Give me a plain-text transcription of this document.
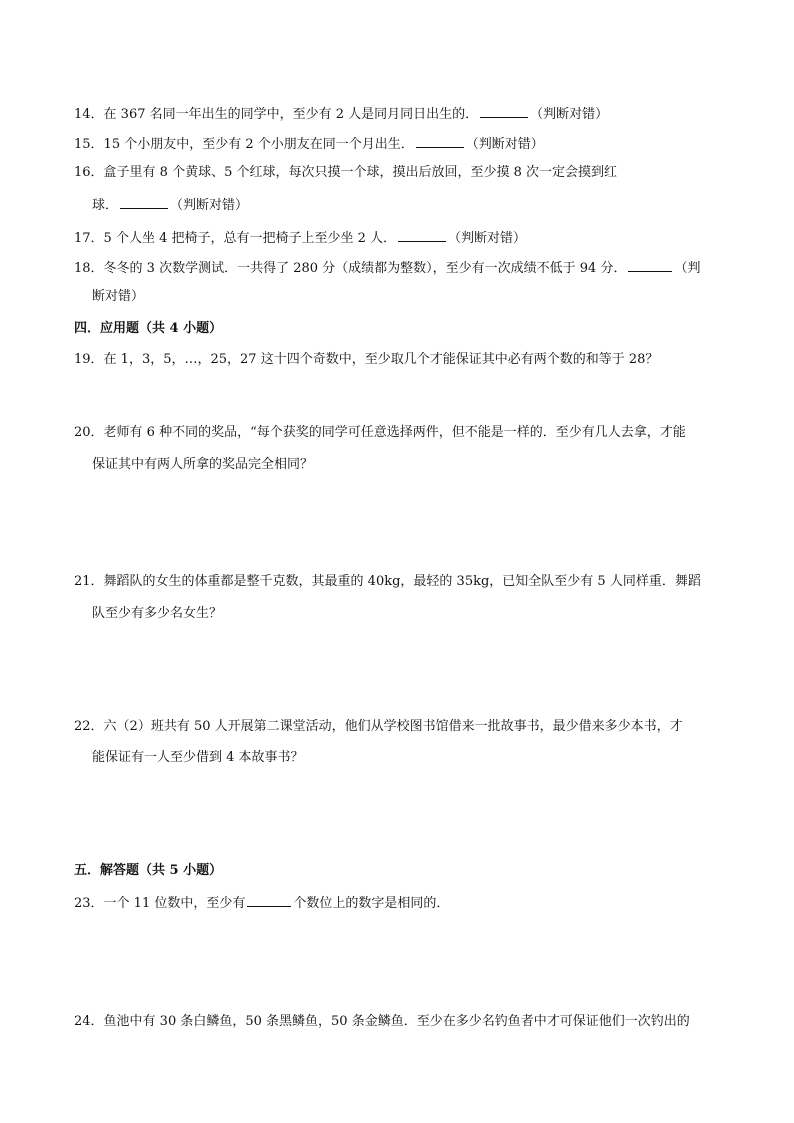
14．在 367 名同一年出生的同学中，至少有 2 人是同月同日出生的．	（判断对错）
15．15 个小朋友中，至少有 2 个小朋友在同一个月出生．	（判断对错）
16．盒子里有 8 个黄球、5 个红球，每次只摸一个球，摸出后放回，至少摸 8 次一定会摸到红
球．	（判断对错）
17．5 个人坐 4 把椅子，总有一把椅子上至少坐 2 人．	（判断对错）
18．冬冬的 3 次数学测试．一共得了 280 分（成绩都为整数），至少有一次成绩不低于 94 分．	（判
断对错）
四．应用题（共 4 小题）
19．在 1，3，5，…，25，27 这十四个奇数中，至少取几个才能保证其中必有两个数的和等于 28？
20．老师有 6 种不同的奖品，“每个获奖的同学可任意选择两件，但不能是一样的．至少有几人去拿，才能
保证其中有两人所拿的奖品完全相同？
21．舞蹈队的女生的体重都是整千克数，其最重的 40kg，最轻的 35kg，已知全队至少有 5 人同样重．舞蹈
队至少有多少名女生？
22．六（2）班共有 50 人开展第二课堂活动，他们从学校图书馆借来一批故事书，最少借来多少本书，才
能保证有一人至少借到 4 本故事书？
五．解答题（共 5 小题）
23．一个 11 位数中，至少有	个数位上的数字是相同的．
24．鱼池中有 30 条白鳞鱼，50 条黑鳞鱼，50 条金鳞鱼．至少在多少名钓鱼者中才可保证他们一次钓出的
